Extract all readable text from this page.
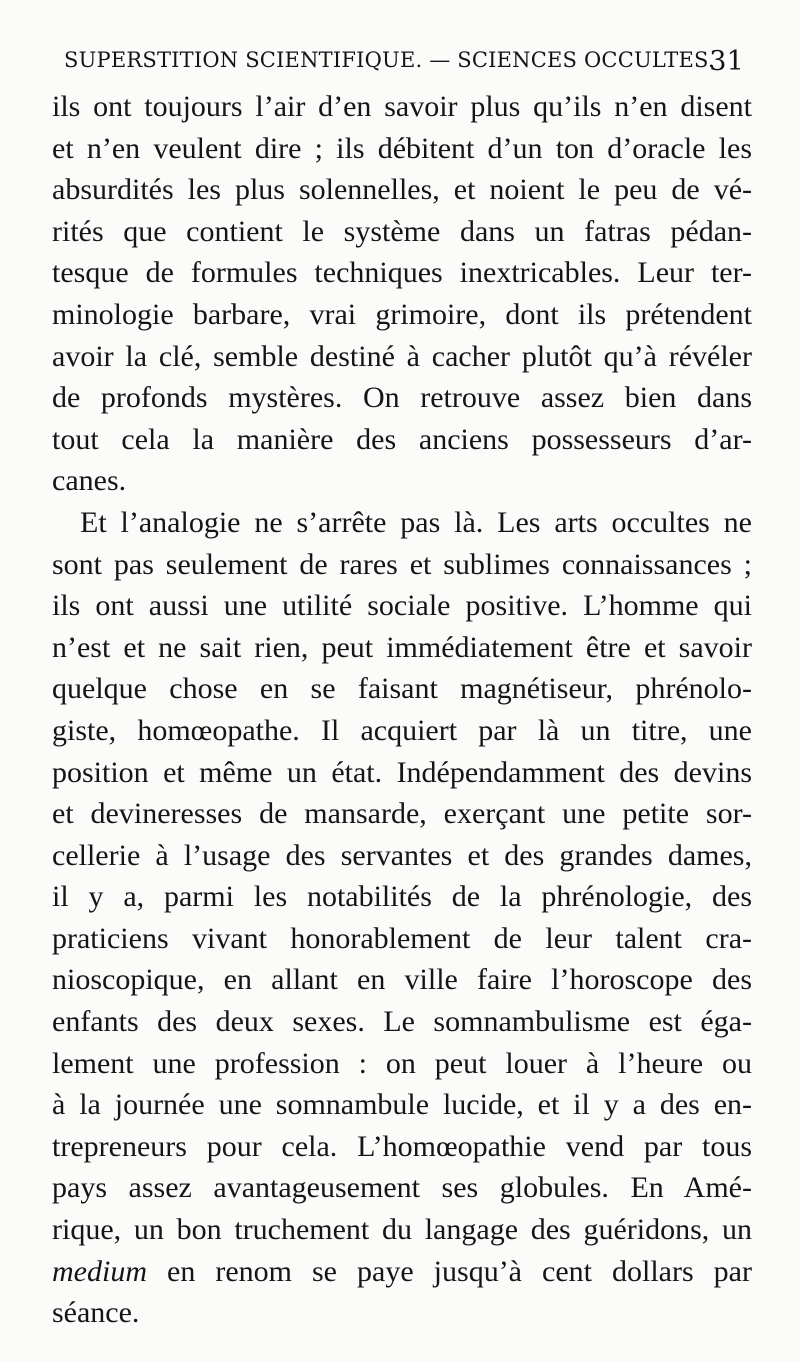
SUPERSTITION SCIENTIFIQUE. — SCIENCES OCCULTES.
31
ils ont toujours l’air d’en savoir plus qu’ils n’en disent
et n’en veulent dire ; ils débitent d’un ton d’oracle les
absurdités les plus solennelles, et noient le peu de vé-
rités que contient le système dans un fatras pédan-
tesque de formules techniques inextricables. Leur ter-
minologie barbare, vrai grimoire, dont ils prétendent
avoir la clé, semble destiné à cacher plutôt qu’à révéler
de profonds mystères. On retrouve assez bien dans
tout cela la manière des anciens possesseurs d’ar-
canes.
Et l’analogie ne s’arrête pas là. Les arts occultes ne
sont pas seulement de rares et sublimes connaissances ;
ils ont aussi une utilité sociale positive. L’homme qui
n’est et ne sait rien, peut immédiatement être et savoir
quelque chose en se faisant magnétiseur, phrénolo-
giste, homœopathe. Il acquiert par là un titre, une
position et même un état. Indépendamment des devins
et devineresses de mansarde, exerçant une petite sor-
cellerie à l’usage des servantes et des grandes dames,
il y a, parmi les notabilités de la phrénologie, des
praticiens vivant honorablement de leur talent cra-
nioscopique, en allant en ville faire l’horoscope des
enfants des deux sexes. Le somnambulisme est éga-
lement une profession : on peut louer à l’heure ou
à la journée une somnambule lucide, et il y a des en-
trepreneurs pour cela. L’homœopathie vend par tous
pays assez avantageusement ses globules. En Amé-
rique, un bon truchement du langage des guéridons, un
medium en renom se paye jusqu’à cent dollars par
séance.
